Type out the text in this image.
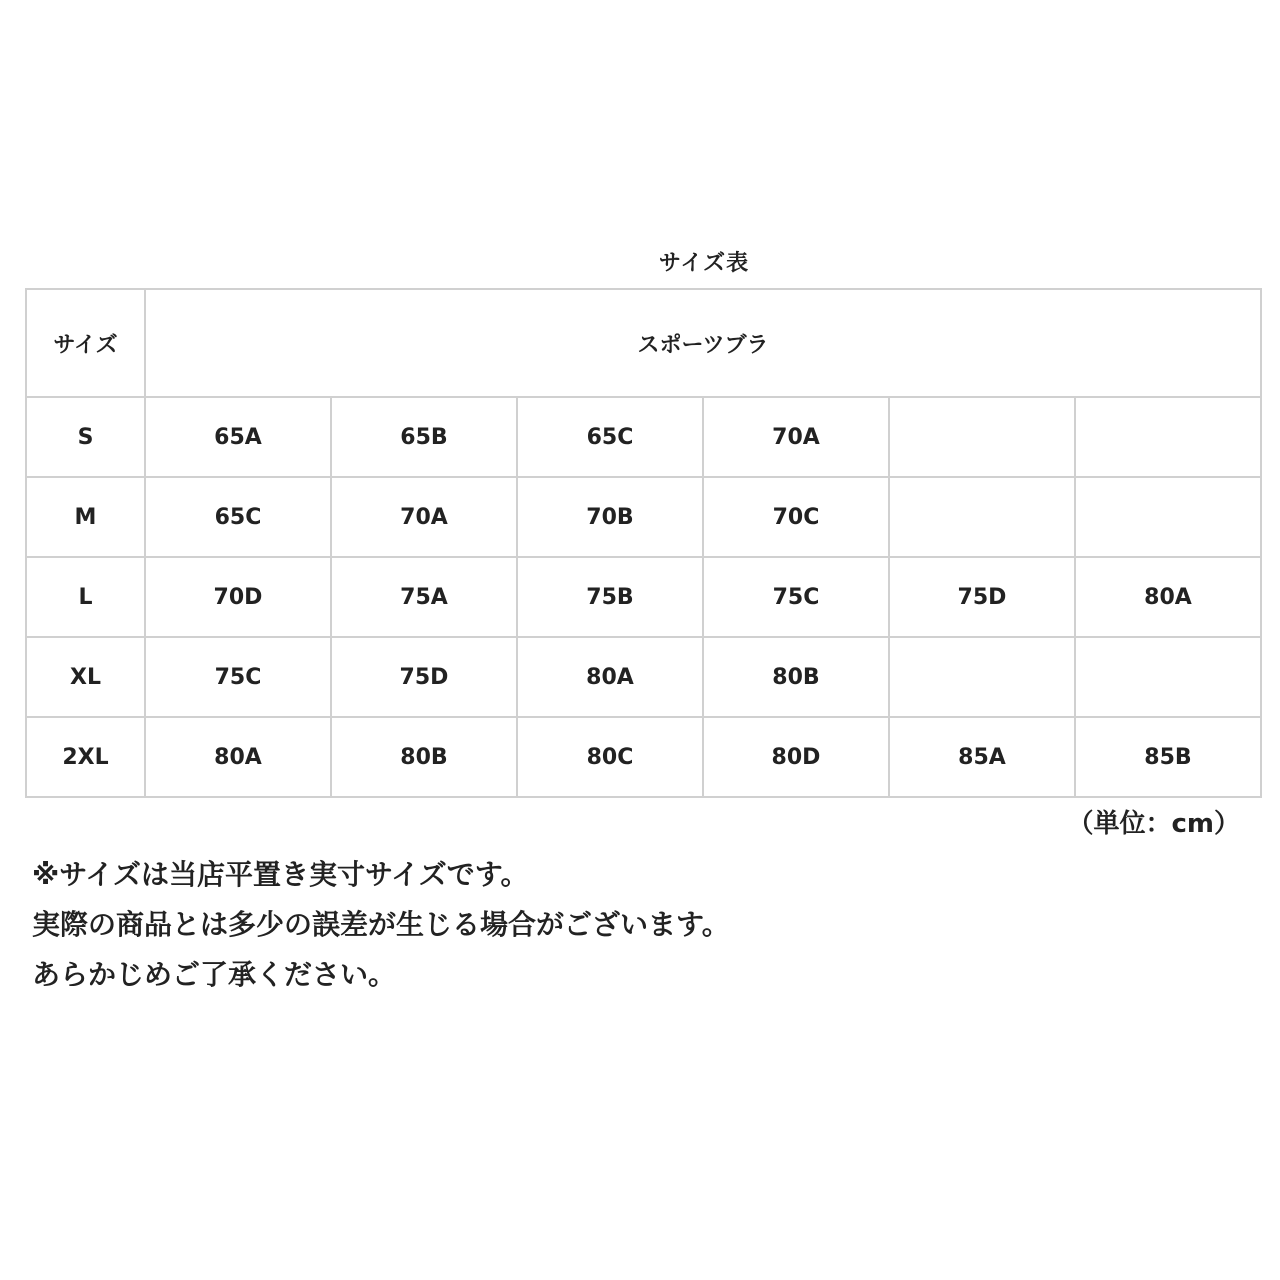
サイズ表
サイズ	スポーツブラ					
S	65A	65B	65C	70A		
M	65C	70A	70B	70C		
L	70D	75A	75B	75C	75D	80A
XL	75C	75D	80A	80B		
2XL	80A	80B	80C	80D	85A	85B
（単位：cm）
※サイズは当店平置き実寸サイズです。
実際の商品とは多少の誤差が生じる場合がございます。
あらかじめご了承ください。
